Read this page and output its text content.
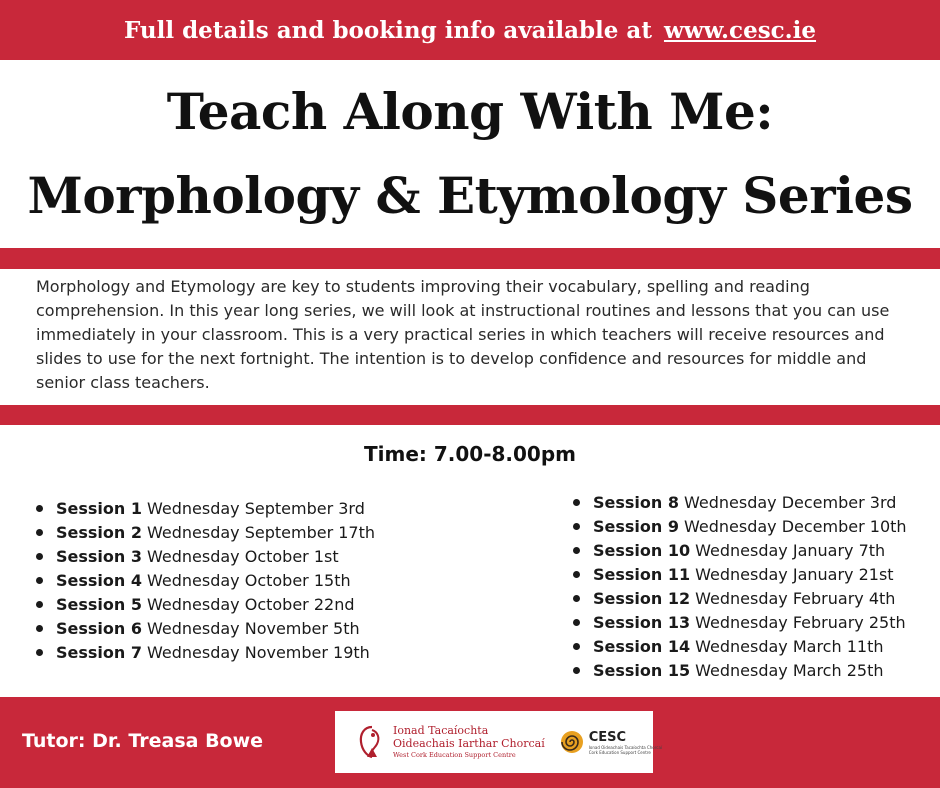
Full details and booking info available at www.cesc.ie
Teach Along With Me:
Morphology & Etymology Series

Morphology and Etymology are key to students improving their vocabulary, spelling and reading comprehension. In this year long series, we will look at instructional routines and lessons that you can use immediately in your classroom. This is a very practical series in which teachers will receive resources and slides to use for the next fortnight. The intention is to develop confidence and resources for middle and senior class teachers.

Time: 7.00-8.00pm
Session 1 Wednesday September 3rd
Session 2 Wednesday September 17th
Session 3 Wednesday October 1st
Session 4 Wednesday October 15th
Session 5 Wednesday October 22nd
Session 6 Wednesday November 5th
Session 7 Wednesday November 19th
Session 8 Wednesday December 3rd
Session 9 Wednesday December 10th
Session 10 Wednesday January 7th
Session 11 Wednesday January 21st
Session 12 Wednesday February 4th
Session 13 Wednesday February 25th
Session 14 Wednesday March 11th
Session 15 Wednesday March 25th
Tutor: Dr. Treasa Bowe	Ionad Tacaíochta
Oideachais Iarthar Chorcaí
West Cork Education Support Centre
CESC
Ionad Oideachais Tacaíochta Chorcaí
Cork Education Support Centre
